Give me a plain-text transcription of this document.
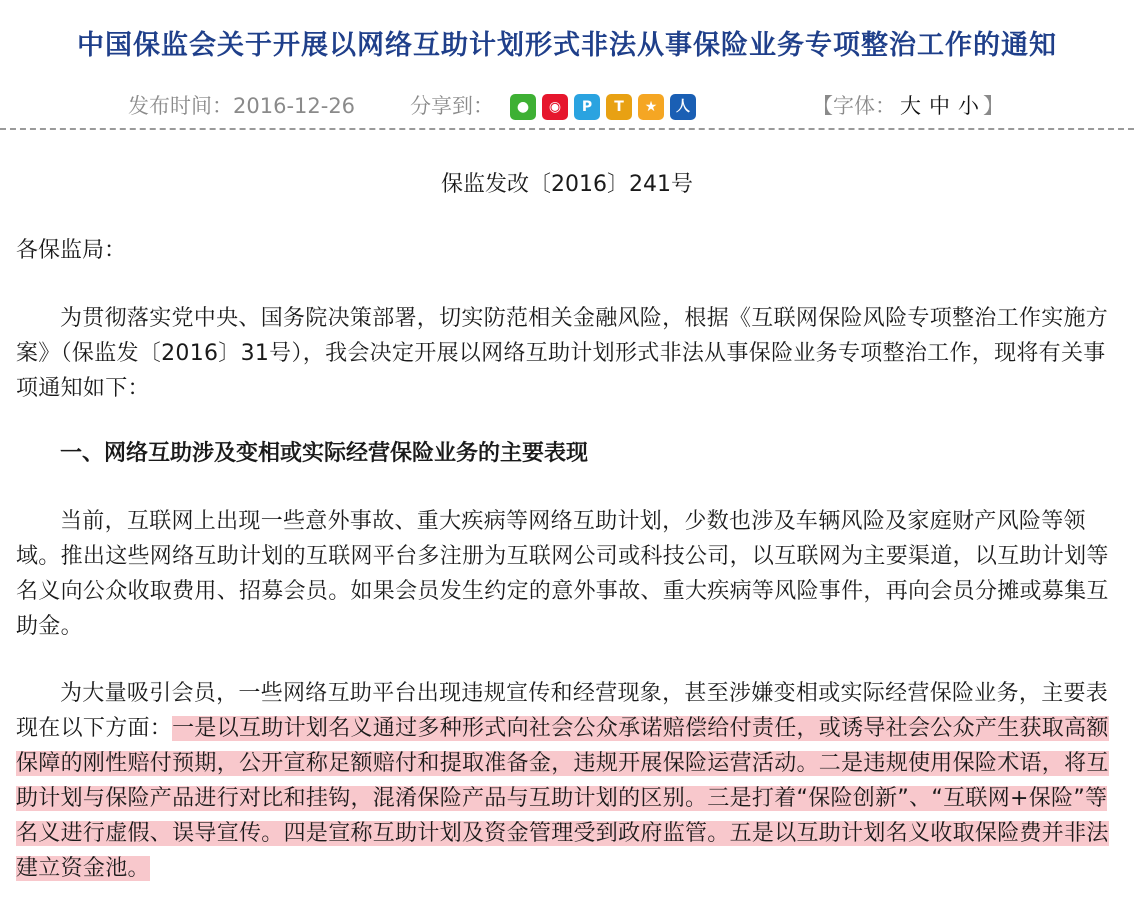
中国保监会关于开展以网络互助计划形式非法从事保险业务专项整治工作的通知
发布时间：2016-12-26	分享到：	●	◉	P	T	★	人	【字体： 大 中 小 】
保监发改〔2016〕241号
各保监局：

为贯彻落实党中央、国务院决策部署，切实防范相关金融风险，根据《互联网保险风险专项整治工作实施方案》（保监发〔2016〕31号），我会决定开展以网络互助计划形式非法从事保险业务专项整治工作，现将有关事项通知如下：

一、网络互助涉及变相或实际经营保险业务的主要表现

当前，互联网上出现一些意外事故、重大疾病等网络互助计划，少数也涉及车辆风险及家庭财产风险等领域。推出这些网络互助计划的互联网平台多注册为互联网公司或科技公司，以互联网为主要渠道，以互助计划等名义向公众收取费用、招募会员。如果会员发生约定的意外事故、重大疾病等风险事件，再向会员分摊或募集互助金。

为大量吸引会员，一些网络互助平台出现违规宣传和经营现象，甚至涉嫌变相或实际经营保险业务，主要表现在以下方面：一是以互助计划名义通过多种形式向社会公众承诺赔偿给付责任，或诱导社会公众产生获取高额保障的刚性赔付预期，公开宣称足额赔付和提取准备金，违规开展保险运营活动。二是违规使用保险术语，将互助计划与保险产品进行对比和挂钩，混淆保险产品与互助计划的区别。三是打着“保险创新”、“互联网+保险”等名义进行虚假、误导宣传。四是宣称互助计划及资金管理受到政府监管。五是以互助计划名义收取保险费并非法建立资金池。
